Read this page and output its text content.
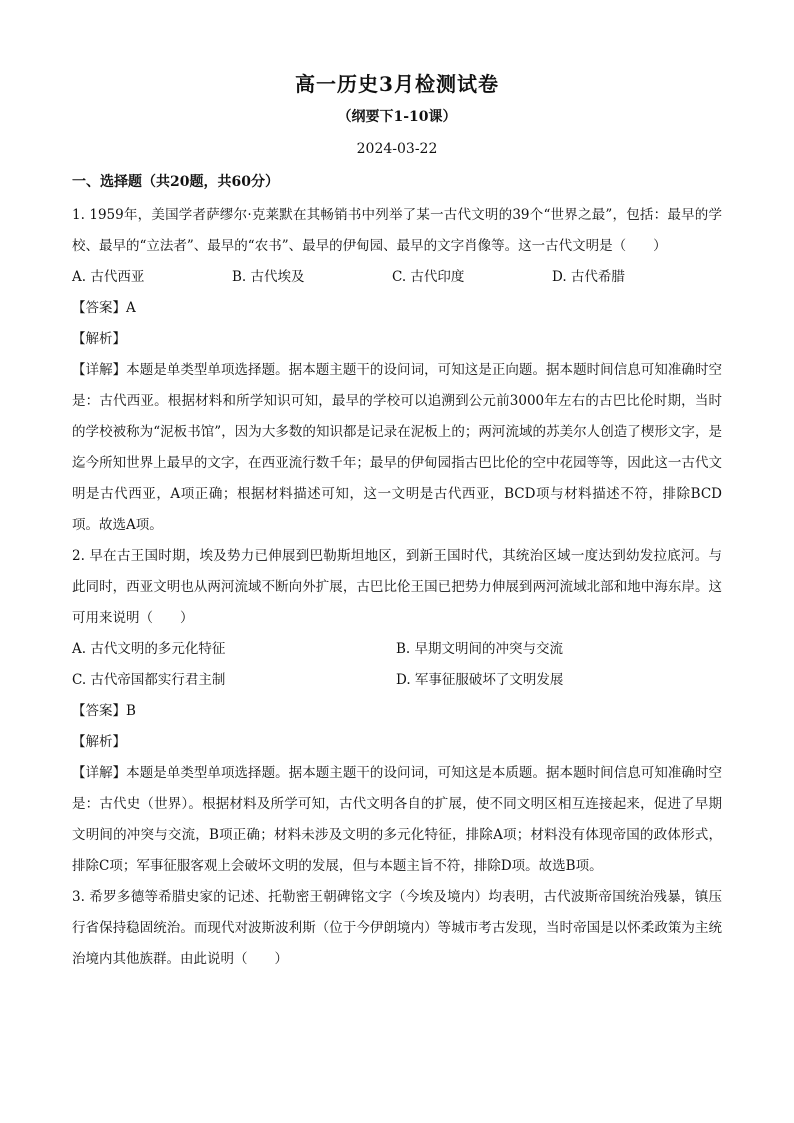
高一历史3月检测试卷
（纲要下1-10课）
2024-03-22
一、选择题（共20题，共60分）

1. 1959年，美国学者萨缪尔·克莱默在其畅销书中列举了某一古代文明的39个“世界之最”，包括：最早的学校、最早的“立法者”、最早的“农书”、最早的伊甸园、最早的文字肖像等。这一古代文明是（　　）

A. 古代西亚	B. 古代埃及	C. 古代印度	D. 古代希腊

【答案】A

【解析】

【详解】本题是单类型单项选择题。据本题主题干的设问词，可知这是正向题。据本题时间信息可知准确时空是：古代西亚。根据材料和所学知识可知，最早的学校可以追溯到公元前3000年左右的古巴比伦时期，当时的学校被称为“泥板书馆”，因为大多数的知识都是记录在泥板上的；两河流域的苏美尔人创造了楔形文字，是迄今所知世界上最早的文字，在西亚流行数千年；最早的伊甸园指古巴比伦的空中花园等等，因此这一古代文明是古代西亚，A项正确；根据材料描述可知，这一文明是古代西亚，BCD项与材料描述不符，排除BCD项。故选A项。

2. 早在古王国时期，埃及势力已伸展到巴勒斯坦地区，到新王国时代，其统治区域一度达到幼发拉底河。与此同时，西亚文明也从两河流域不断向外扩展，古巴比伦王国已把势力伸展到两河流域北部和地中海东岸。这可用来说明（　　）

A. 古代文明的多元化特征	B. 早期文明间的冲突与交流
C. 古代帝国都实行君主制	D. 军事征服破坏了文明发展

【答案】B

【解析】

【详解】本题是单类型单项选择题。据本题主题干的设问词，可知这是本质题。据本题时间信息可知准确时空是：古代史（世界）。根据材料及所学可知，古代文明各自的扩展，使不同文明区相互连接起来，促进了早期文明间的冲突与交流，B项正确；材料未涉及文明的多元化特征，排除A项；材料没有体现帝国的政体形式，排除C项；军事征服客观上会破坏文明的发展，但与本题主旨不符，排除D项。故选B项。

3. 希罗多德等希腊史家的记述、托勒密王朝碑铭文字（今埃及境内）均表明，古代波斯帝国统治残暴，镇压行省保持稳固统治。而现代对波斯波利斯（位于今伊朗境内）等城市考古发现，当时帝国是以怀柔政策为主统治境内其他族群。由此说明（　　）
